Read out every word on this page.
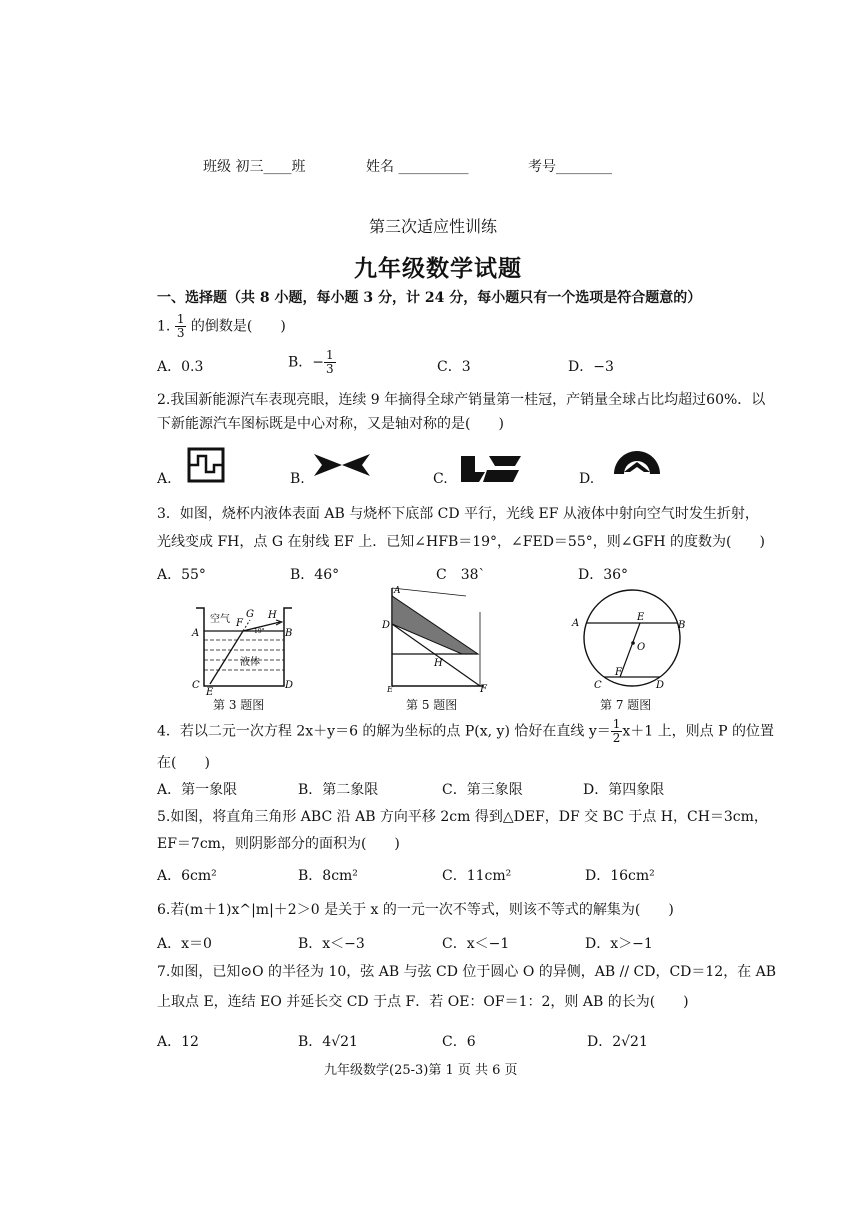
班级 初三____班	姓名 __________	考号________
第三次适应性训练
九年级数学试题
一、选择题（共 8 小题，每小题 3 分，计 24 分，每小题只有一个选项是符合题意的）
1. $\frac{1}{3}$ 的倒数是(　　)
A．0.3	B．− $\frac{1}{3}$	C．3	D．−3
2.我国新能源汽车表现亮眼，连续 9 年摘得全球产销量第一桂冠，产销量全球占比均超过60%．以
下新能源汽车图标既是中心对称，又是轴对称的是(　　)
A.	B.	C.	D.
3．如图，烧杯内液体表面 AB 与烧杯下底部 CD 平行，光线 EF 从液体中射向空气时发生折射，
光线变成 FH，点 G 在射线 EF 上．已知∠HFB＝19°，∠FED＝55°，则∠GFH 的度数为(　　)
A．55°	B．46°	C　38`	D．36°
空气 F
G H
19°
A	B
液体
C
E
D
第 3 题图
A
D
H
E	F
第 5 题图
A	B
E
O
F
C	D
第 7 题图
4．若以二元一次方程 2x＋y＝6 的解为坐标的点 P(x, y) 恰好在直线 $y= \frac{1}{2} x+1$ 上，则点 P 的位置
在(　　)
A．第一象限	B．第二象限	C．第三象限	D．第四象限
5.如图，将直角三角形 ABC 沿 AB 方向平移 2cm 得到△DEF，DF 交 BC 于点 H，CH＝3cm，
EF＝7cm，则阴影部分的面积为(　　)
A．6cm²	B．8cm²	C．11cm²	D．16cm²
6.若(m＋1)x^|m|＋2＞0 是关于 x 的一元一次不等式，则该不等式的解集为(　　)
A．x＝0	B．x＜−3	C．x＜−1	D．x＞−1
7.如图，已知⊙O 的半径为 10，弦 AB 与弦 CD 位于圆心 O 的异侧，AB // CD，CD＝12，在 AB
上取点 E，连结 EO 并延长交 CD 于点 F．若 OE：OF＝1：2，则 AB 的长为(　　)
A．12	B．4√21	C．6	D．2√21
九年级数学(25-3)第 1 页 共 6 页
